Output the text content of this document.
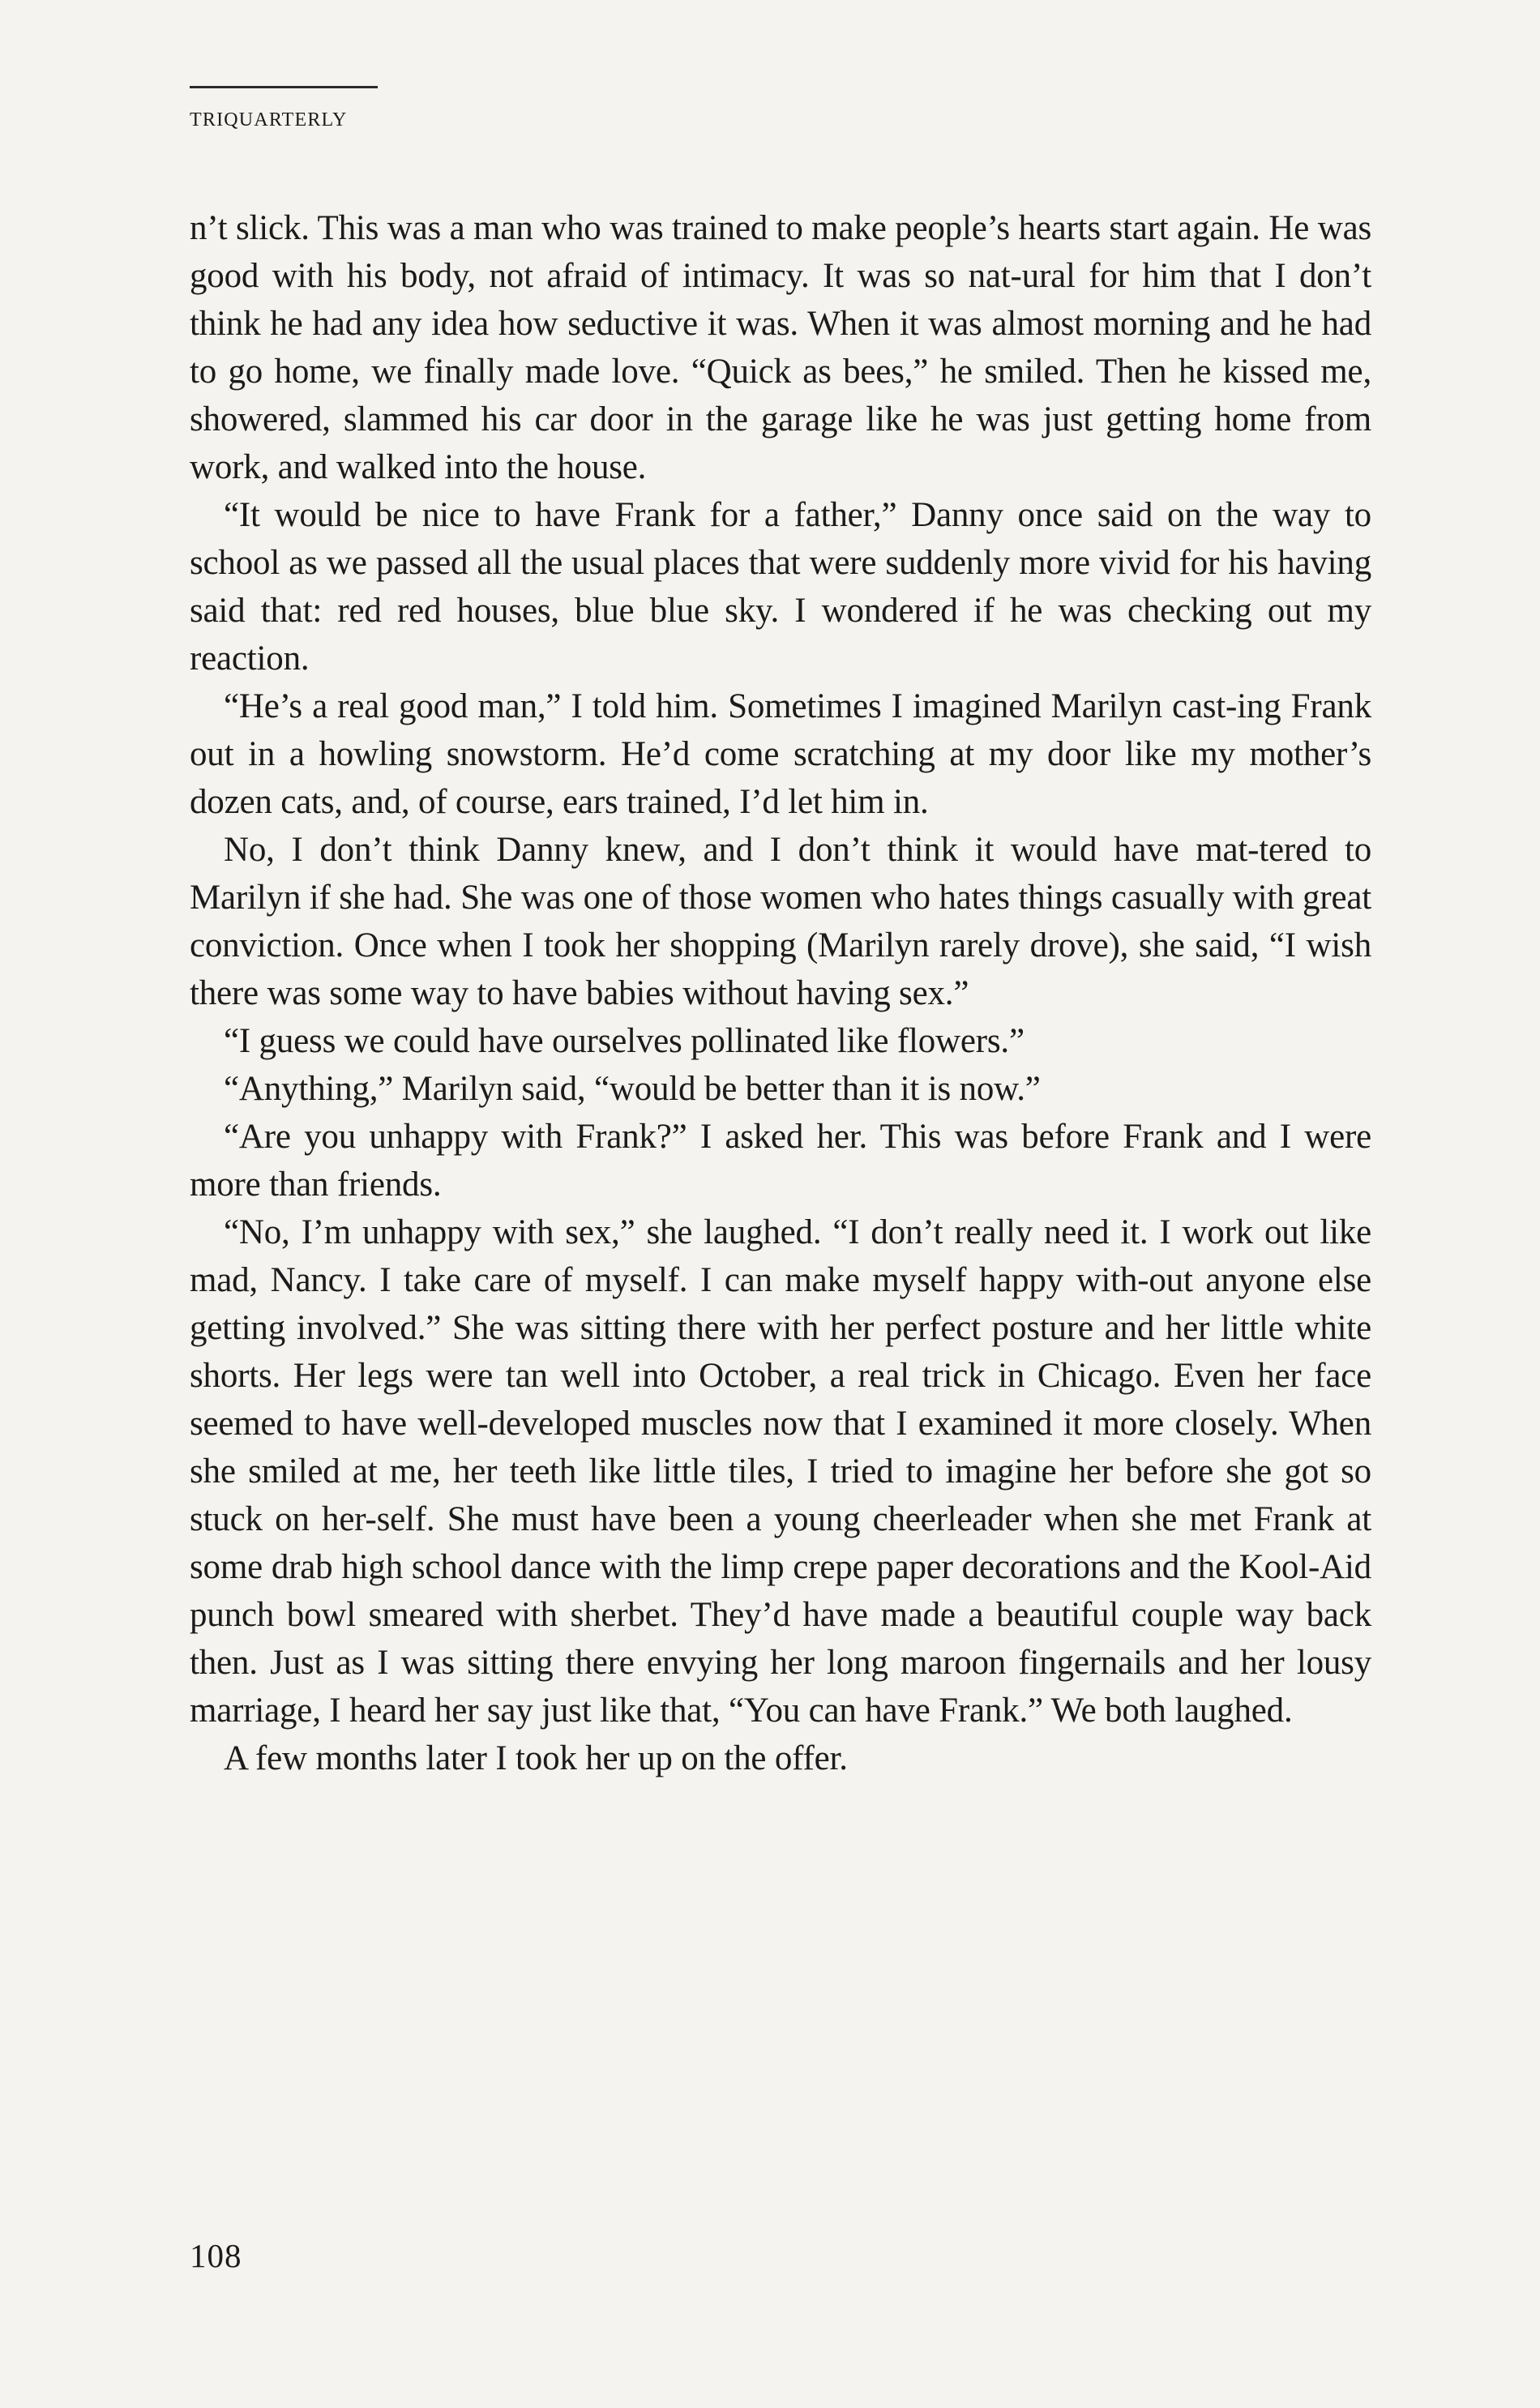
TRIQUARTERLY

n’t slick. This was a man who was trained to make people’s hearts start again. He was good with his body, not afraid of intimacy. It was so nat-ural for him that I don’t think he had any idea how seductive it was. When it was almost morning and he had to go home, we finally made love. “Quick as bees,” he smiled. Then he kissed me, showered, slammed his car door in the garage like he was just getting home from work, and walked into the house.

“It would be nice to have Frank for a father,” Danny once said on the way to school as we passed all the usual places that were suddenly more vivid for his having said that: red red houses, blue blue sky. I wondered if he was checking out my reaction.

“He’s a real good man,” I told him. Sometimes I imagined Marilyn cast-ing Frank out in a howling snowstorm. He’d come scratching at my door like my mother’s dozen cats, and, of course, ears trained, I’d let him in.

No, I don’t think Danny knew, and I don’t think it would have mat-tered to Marilyn if she had. She was one of those women who hates things casually with great conviction. Once when I took her shopping (Marilyn rarely drove), she said, “I wish there was some way to have babies without having sex.”

“I guess we could have ourselves pollinated like flowers.”

“Anything,” Marilyn said, “would be better than it is now.”

“Are you unhappy with Frank?” I asked her. This was before Frank and I were more than friends.

“No, I’m unhappy with sex,” she laughed. “I don’t really need it. I work out like mad, Nancy. I take care of myself. I can make myself happy with-out anyone else getting involved.” She was sitting there with her perfect posture and her little white shorts. Her legs were tan well into October, a real trick in Chicago. Even her face seemed to have well-developed muscles now that I examined it more closely. When she smiled at me, her teeth like little tiles, I tried to imagine her before she got so stuck on her-self. She must have been a young cheerleader when she met Frank at some drab high school dance with the limp crepe paper decorations and the Kool-Aid punch bowl smeared with sherbet. They’d have made a beautiful couple way back then. Just as I was sitting there envying her long maroon fingernails and her lousy marriage, I heard her say just like that, “You can have Frank.” We both laughed.

A few months later I took her up on the offer.

108
